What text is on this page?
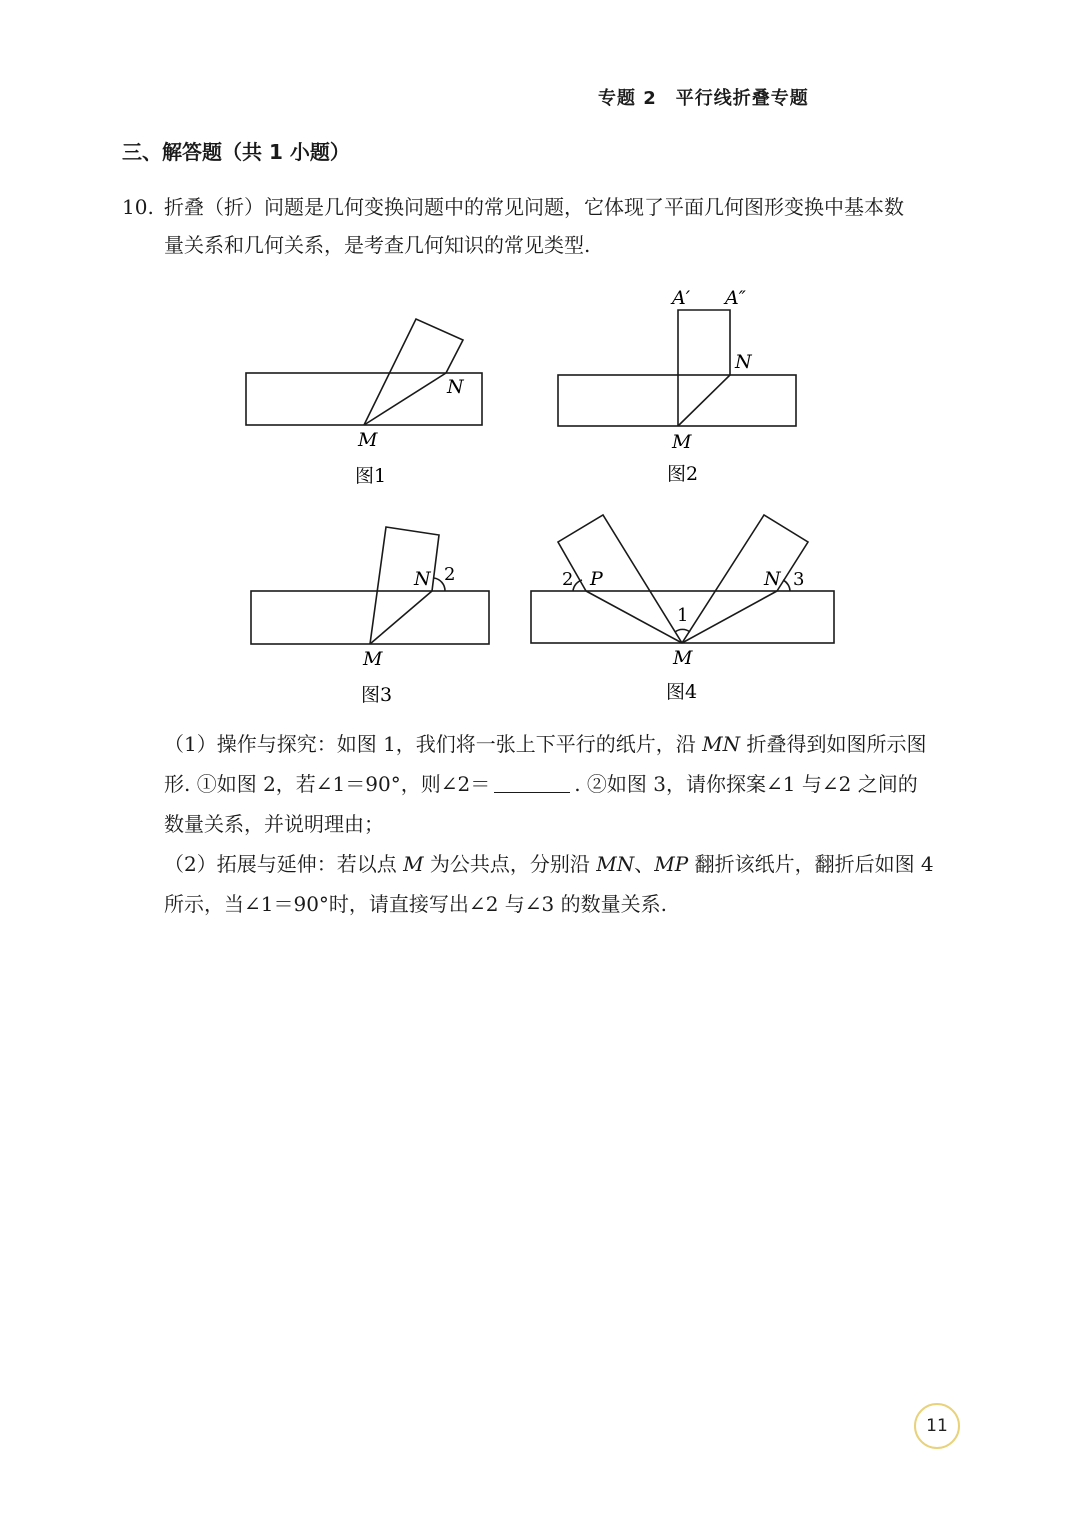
专题 2　平行线折叠专题
三、解答题（共 1 小题）
10. 折叠（折）问题是几何变换问题中的常见问题，它体现了平面几何图形变换中基本数
量关系和几何关系，是考查几何知识的常见类型.
N
M
图1
A′ A″
N
M
图2
N 2
M
图3
2 P	N 3
1
M
图4

（1）操作与探究：如图 1，我们将一张上下平行的纸片，沿 MN 折叠得到如图所示图

形. ①如图 2，若∠1＝90°，则∠2＝	. ②如图 3，请你探案∠1 与∠2 之间的

数量关系，并说明理由；

（2）拓展与延伸：若以点 M 为公共点，分别沿 MN、MP 翻折该纸片，翻折后如图 4

所示，当∠1＝90°时，请直接写出∠2 与∠3 的数量关系.

11
